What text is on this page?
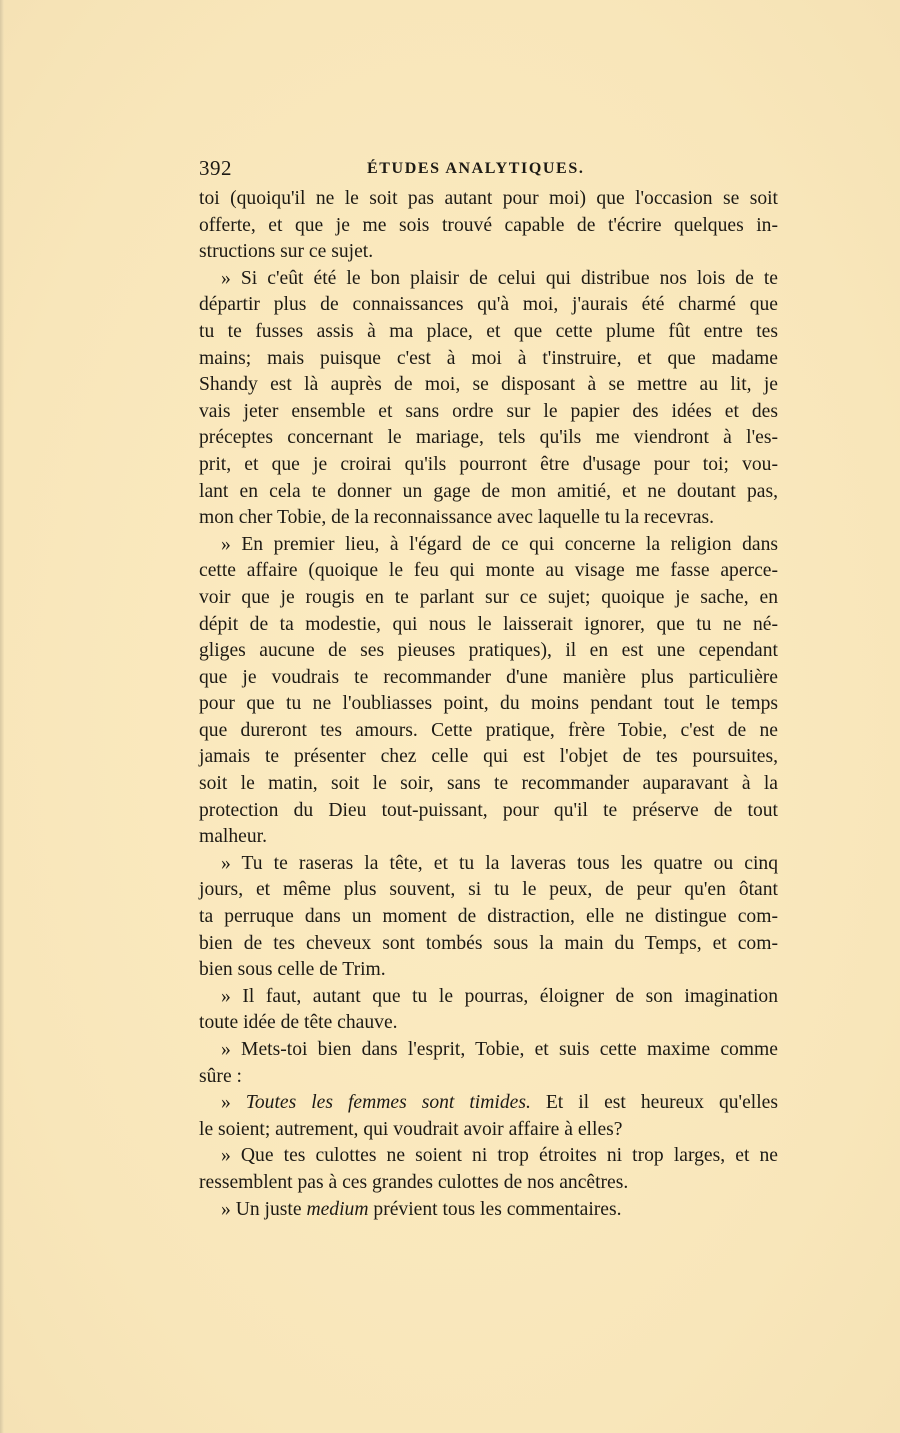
392	ÉTUDES ANALYTIQUES.
toi (quoiqu'il ne le soit pas autant pour moi) que l'occasion se soit
offerte, et que je me sois trouvé capable de t'écrire quelques in-
structions sur ce sujet.
» Si c'eût été le bon plaisir de celui qui distribue nos lois de te
départir plus de connaissances qu'à moi, j'aurais été charmé que
tu te fusses assis à ma place, et que cette plume fût entre tes
mains; mais puisque c'est à moi à t'instruire, et que madame
Shandy est là auprès de moi, se disposant à se mettre au lit, je
vais jeter ensemble et sans ordre sur le papier des idées et des
préceptes concernant le mariage, tels qu'ils me viendront à l'es-
prit, et que je croirai qu'ils pourront être d'usage pour toi; vou-
lant en cela te donner un gage de mon amitié, et ne doutant pas,
mon cher Tobie, de la reconnaissance avec laquelle tu la recevras.
» En premier lieu, à l'égard de ce qui concerne la religion dans
cette affaire (quoique le feu qui monte au visage me fasse aperce-
voir que je rougis en te parlant sur ce sujet; quoique je sache, en
dépit de ta modestie, qui nous le laisserait ignorer, que tu ne né-
gliges aucune de ses pieuses pratiques), il en est une cependant
que je voudrais te recommander d'une manière plus particulière
pour que tu ne l'oubliasses point, du moins pendant tout le temps
que dureront tes amours. Cette pratique, frère Tobie, c'est de ne
jamais te présenter chez celle qui est l'objet de tes poursuites,
soit le matin, soit le soir, sans te recommander auparavant à la
protection du Dieu tout-puissant, pour qu'il te préserve de tout
malheur.
» Tu te raseras la tête, et tu la laveras tous les quatre ou cinq
jours, et même plus souvent, si tu le peux, de peur qu'en ôtant
ta perruque dans un moment de distraction, elle ne distingue com-
bien de tes cheveux sont tombés sous la main du Temps, et com-
bien sous celle de Trim.
» Il faut, autant que tu le pourras, éloigner de son imagination
toute idée de tête chauve.
» Mets-toi bien dans l'esprit, Tobie, et suis cette maxime comme
sûre :
» Toutes les femmes sont timides. Et il est heureux qu'elles
le soient; autrement, qui voudrait avoir affaire à elles?
» Que tes culottes ne soient ni trop étroites ni trop larges, et ne
ressemblent pas à ces grandes culottes de nos ancêtres.
» Un juste medium prévient tous les commentaires.
